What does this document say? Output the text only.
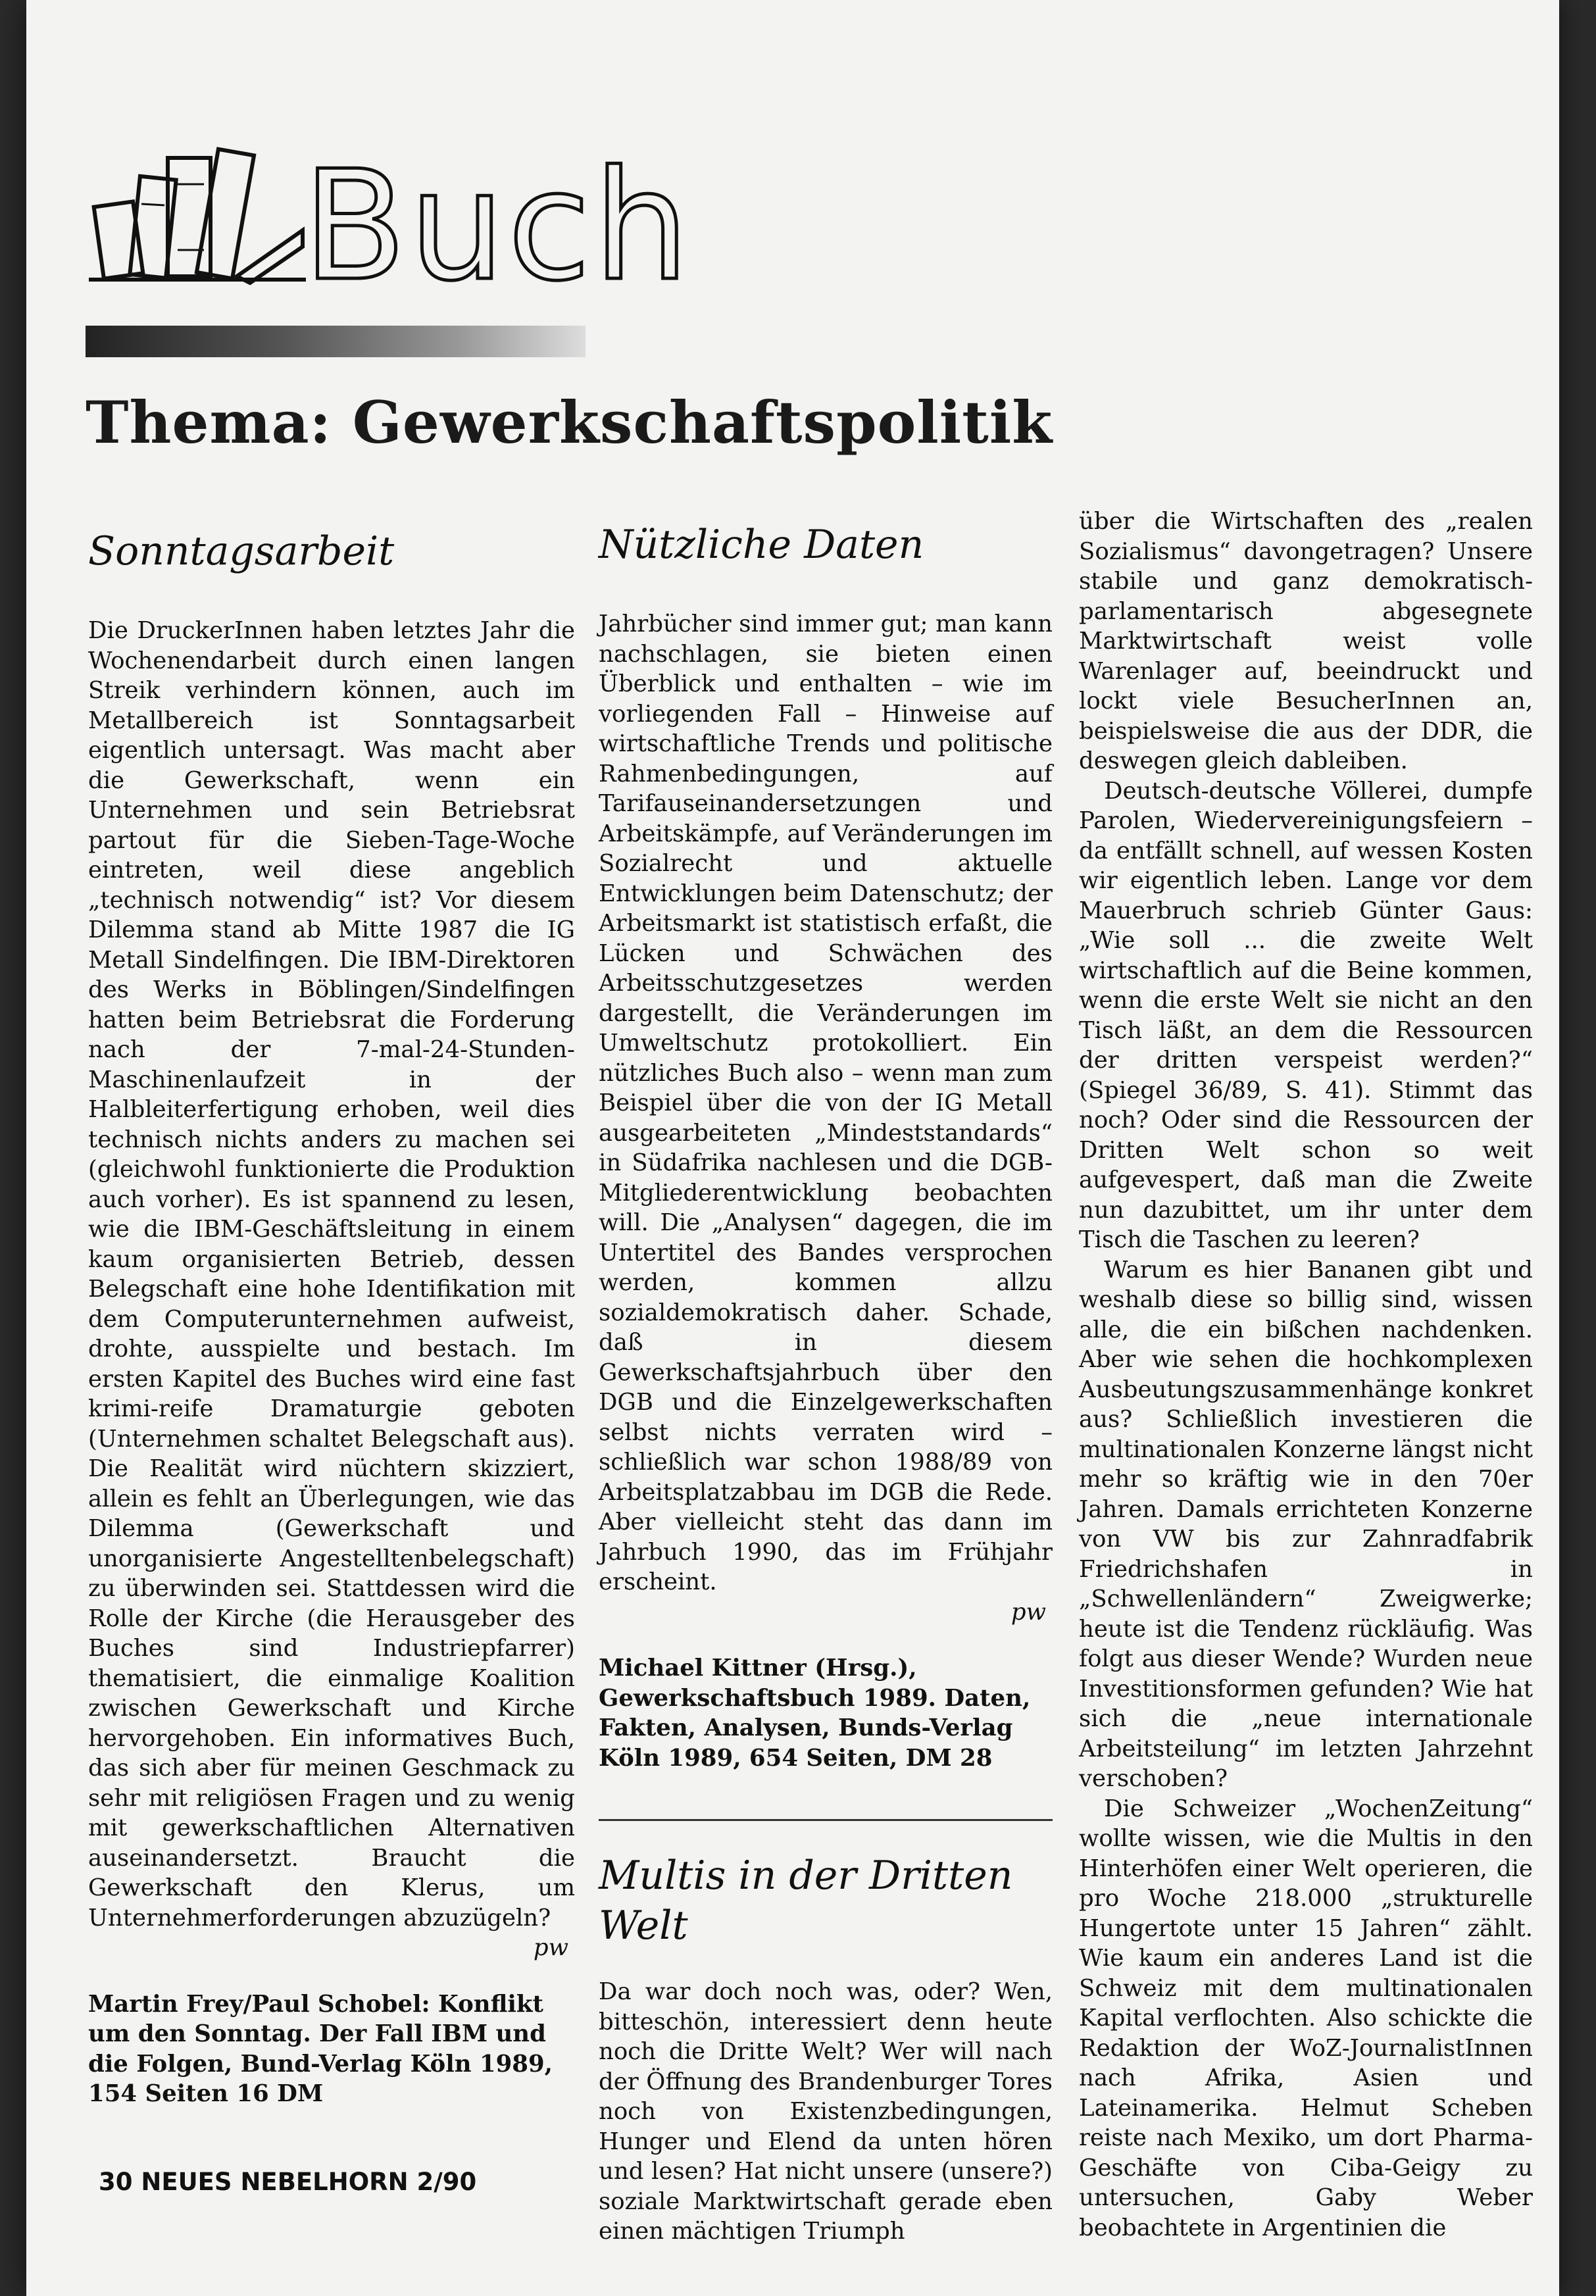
Buch
Thema: Gewerkschaftspolitik
Sonntagsarbeit

Die DruckerInnen haben letztes Jahr die Wochenendarbeit durch einen langen Streik verhindern können, auch im Metallbereich ist Sonntagsarbeit eigentlich untersagt. Was macht aber die Gewerkschaft, wenn ein Unternehmen und sein Betriebsrat partout für die Sieben-Tage-Woche eintreten, weil diese angeblich „technisch notwendig“ ist? Vor diesem Dilemma stand ab Mitte 1987 die IG Metall Sindelfingen. Die IBM-Direktoren des Werks in Böblingen/Sindelfingen hatten beim Betriebsrat die Forderung nach der 7-mal-24-Stunden-Maschinenlaufzeit in der Halbleiterfertigung erhoben, weil dies technisch nichts anders zu machen sei (gleichwohl funktionierte die Produktion auch vorher). Es ist spannend zu lesen, wie die IBM-Geschäftsleitung in einem kaum organisierten Betrieb, dessen Belegschaft eine hohe Identifikation mit dem Computerunternehmen aufweist, drohte, ausspielte und bestach. Im ersten Kapitel des Buches wird eine fast krimi-reife Dramaturgie geboten (Unternehmen schaltet Belegschaft aus). Die Realität wird nüchtern skizziert, allein es fehlt an Überlegungen, wie das Dilemma (Gewerkschaft und unorganisierte Angestelltenbelegschaft) zu überwinden sei. Stattdessen wird die Rolle der Kirche (die Herausgeber des Buches sind Industriepfarrer) thematisiert, die einmalige Koalition zwischen Gewerkschaft und Kirche hervorgehoben. Ein informatives Buch, das sich aber für meinen Geschmack zu sehr mit religiösen Fragen und zu wenig mit gewerkschaftlichen Alternativen auseinandersetzt. Braucht die Gewerkschaft den Klerus, um Unternehmerforderungen abzuzügeln?

pw
Martin Frey/Paul Schobel: Konflikt um den Sonntag. Der Fall IBM und die Folgen, Bund-Verlag Köln 1989, 154 Seiten 16 DM
Nützliche Daten

Jahrbücher sind immer gut; man kann nachschlagen, sie bieten einen Überblick und enthalten – wie im vorliegenden Fall – Hinweise auf wirtschaftliche Trends und politische Rahmenbedingungen, auf Tarifauseinandersetzungen und Arbeitskämpfe, auf Veränderungen im Sozialrecht und aktuelle Entwicklungen beim Datenschutz; der Arbeitsmarkt ist statistisch erfaßt, die Lücken und Schwächen des Arbeitsschutzgesetzes werden dargestellt, die Veränderungen im Umweltschutz protokolliert. Ein nützliches Buch also – wenn man zum Beispiel über die von der IG Metall ausgearbeiteten „Mindeststandards“ in Südafrika nachlesen und die DGB-Mitgliederentwicklung beobachten will. Die „Analysen“ dagegen, die im Untertitel des Bandes versprochen werden, kommen allzu sozialdemokratisch daher. Schade, daß in diesem Gewerkschaftsjahrbuch über den DGB und die Einzelgewerkschaften selbst nichts verraten wird – schließlich war schon 1988/89 von Arbeitsplatzabbau im DGB die Rede. Aber vielleicht steht das dann im Jahrbuch 1990, das im Frühjahr erscheint.

pw
Michael Kittner (Hrsg.), Gewerkschaftsbuch 1989. Daten, Fakten, Analysen, Bunds-Verlag Köln 1989, 654 Seiten, DM 28
Multis in der Dritten Welt

Da war doch noch was, oder? Wen, bitteschön, interessiert denn heute noch die Dritte Welt? Wer will nach der Öffnung des Brandenburger Tores noch von Existenzbedingungen, Hunger und Elend da unten hören und lesen? Hat nicht unsere (unsere?) soziale Marktwirtschaft gerade eben einen mächtigen Triumph

über die Wirtschaften des „realen Sozialismus“ davongetragen? Unsere stabile und ganz demokratisch-parlamentarisch abgesegnete Marktwirtschaft weist volle Warenlager auf, beeindruckt und lockt viele BesucherInnen an, beispielsweise die aus der DDR, die deswegen gleich dableiben.

Deutsch-deutsche Völlerei, dumpfe Parolen, Wiedervereinigungsfeiern – da entfällt schnell, auf wessen Kosten wir eigentlich leben. Lange vor dem Mauerbruch schrieb Günter Gaus: „Wie soll ... die zweite Welt wirtschaftlich auf die Beine kommen, wenn die erste Welt sie nicht an den Tisch läßt, an dem die Ressourcen der dritten verspeist werden?“ (Spiegel 36/89, S. 41). Stimmt das noch? Oder sind die Ressourcen der Dritten Welt schon so weit aufgevespert, daß man die Zweite nun dazubittet, um ihr unter dem Tisch die Taschen zu leeren?

Warum es hier Bananen gibt und weshalb diese so billig sind, wissen alle, die ein bißchen nachdenken. Aber wie sehen die hochkomplexen Ausbeutungszusammenhänge konkret aus? Schließlich investieren die multinationalen Konzerne längst nicht mehr so kräftig wie in den 70er Jahren. Damals errichteten Konzerne von VW bis zur Zahnradfabrik Friedrichshafen in „Schwellenländern“ Zweigwerke; heute ist die Tendenz rückläufig. Was folgt aus dieser Wende? Wurden neue Investitionsformen gefunden? Wie hat sich die „neue internationale Arbeitsteilung“ im letzten Jahrzehnt verschoben?

Die Schweizer „WochenZeitung“ wollte wissen, wie die Multis in den Hinterhöfen einer Welt operieren, die pro Woche 218.000 „strukturelle Hungertote unter 15 Jahren“ zählt. Wie kaum ein anderes Land ist die Schweiz mit dem multinationalen Kapital verflochten. Also schickte die Redaktion der WoZ-JournalistInnen nach Afrika, Asien und Lateinamerika. Helmut Scheben reiste nach Mexiko, um dort Pharma-Geschäfte von Ciba-Geigy zu untersuchen, Gaby Weber beobachtete in Argentinien die

30 NEUES NEBELHORN 2/90
